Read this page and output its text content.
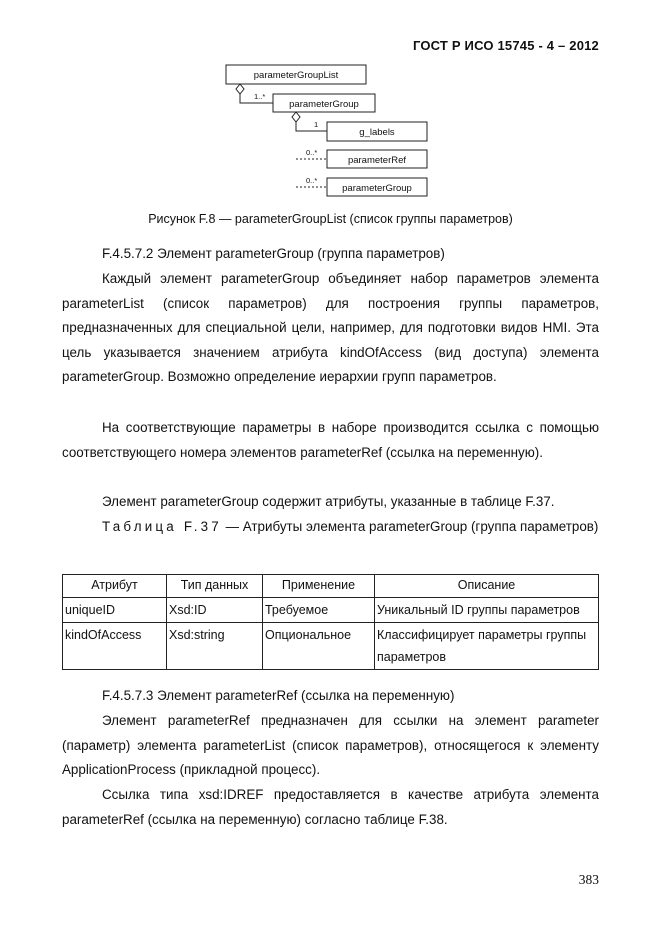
ГОСТ Р ИСО 15745 - 4 – 2012
parameterGroupList
parameterGroup
g_labels
parameterRef
parameterGroup
1..*
1
0..*
0..*
Рисунок F.8 — parameterGroupList (список группы параметров)

F.4.5.7.2 Элемент parameterGroup (группа параметров)

Каждый элемент parameterGroup объединяет набор параметров элемента parameterList (список параметров) для построения группы параметров, предназначенных для специальной цели, например, для подготовки видов HMI. Эта цель указывается значением атрибута kindOfAccess (вид доступа) элемента parameterGroup. Возможно определение иерархии групп параметров.

На соответствующие параметры в наборе производится ссылка с помощью соответствующего номера элементов parameterRef (ссылка на переменную).

Элемент parameterGroup содержит атрибуты, указанные в таблице F.37.

Таблица F.37 — Атрибуты элемента parameterGroup (группа параметров)

Атрибут	Тип данных	Применение	Описание
uniqueID	Xsd:ID	Требуемое	Уникальный ID группы параметров
kindOfAccess	Xsd:string	Опциональное	Классифицирует параметры группы параметров

F.4.5.7.3 Элемент parameterRef (ссылка на переменную)

Элемент parameterRef предназначен для ссылки на элемент parameter (параметр) элемента parameterList (список параметров), относящегося к элементу ApplicationProcess (прикладной процесс).

Ссылка типа xsd:IDREF предоставляется в качестве атрибута элемента parameterRef (ссылка на переменную) согласно таблице F.38.

383
